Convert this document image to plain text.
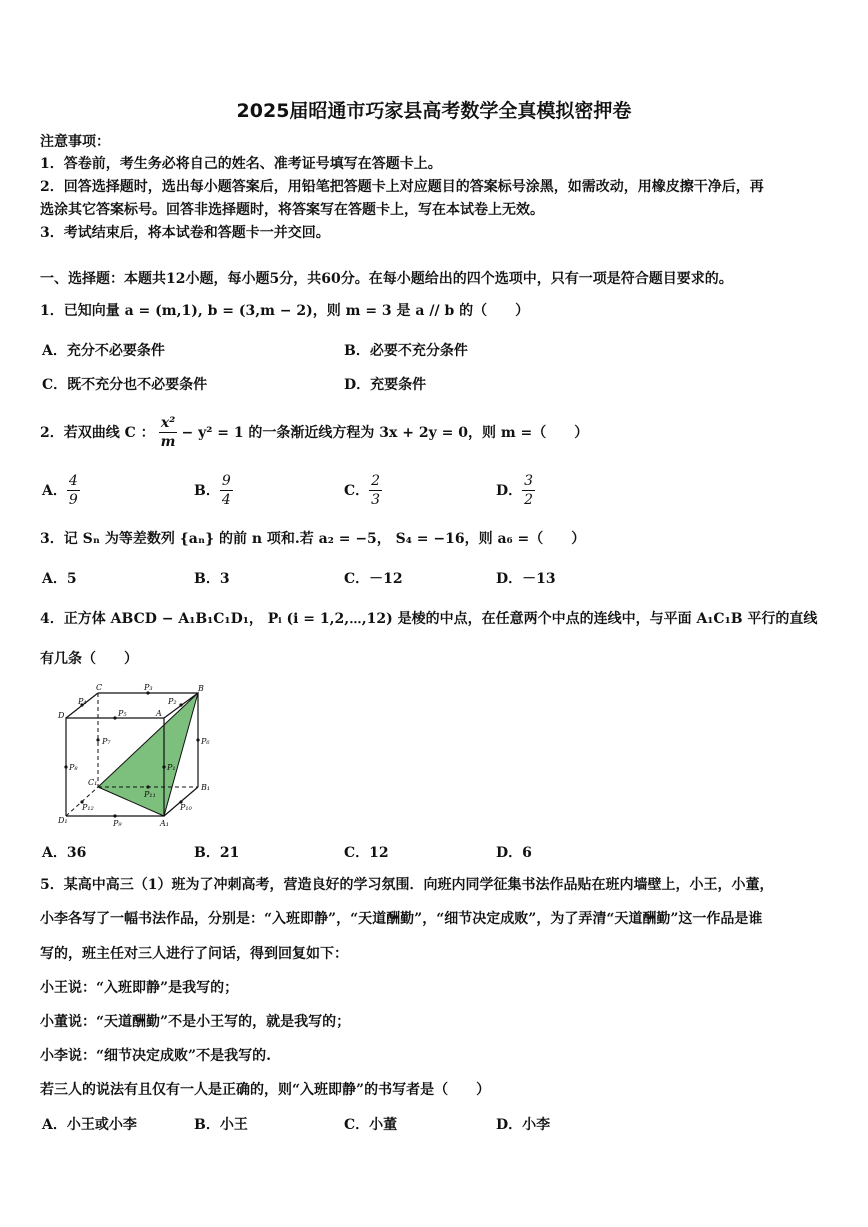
2025届昭通市巧家县高考数学全真模拟密押卷
注意事项：
1．答卷前，考生务必将自己的姓名、准考证号填写在答题卡上。
2．回答选择题时，选出每小题答案后，用铅笔把答题卡上对应题目的答案标号涂黑，如需改动，用橡皮擦干净后，再
选涂其它答案标号。回答非选择题时，将答案写在答题卡上，写在本试卷上无效。
3．考试结束后，将本试卷和答题卡一并交回。
一、选择题：本题共12小题，每小题5分，共60分。在每小题给出的四个选项中，只有一项是符合题目要求的。
1．已知向量 a = (m,1), b = (3,m − 2)，则 m = 3 是 a // b 的（　　）
A．充分不必要条件	B．必要不充分条件
C．既不充分也不必要条件	D．充要条件
2．若双曲线 C ： $\frac{\text{x²}}{m} - y^2 = 1$ 的一条渐近线方程为 3x + 2y = 0，则 m =（　　）
A． $\frac{4}{9}$	B． $\frac{9}{4}$	C． $\frac{2}{3}$	D． $\frac{3}{2}$
3．记 Sₙ 为等差数列 {aₙ} 的前 n 项和.若 a₂ = −5， S₄ = −16，则 a₆ =（　　）
A．5	B．3	C．－12	D．－13
4．正方体 ABCD − A₁B₁C₁D₁， Pᵢ (i = 1,2,⋯,12) 是棱的中点，在任意两个中点的连线中，与平面 A₁C₁B 平行的直线
有几条（　　）
C	P₃	B
P₄	P₂
D	P₅	A
P₇	P₆
P₈	P₁
C₁
B₁
P₁₁
P₁₂	P₁₀
D₁	P₉	A₁
A．36	B．21	C．12	D．6
5．某高中高三（1）班为了冲刺高考，营造良好的学习氛围．向班内同学征集书法作品贴在班内墙壁上，小王，小董，
小李各写了一幅书法作品，分别是：“入班即静”，“天道酬勤”，“细节决定成败”，为了弄清“天道酬勤”这一作品是谁
写的，班主任对三人进行了问话，得到回复如下：
小王说：“入班即静”是我写的；
小董说：“天道酬勤”不是小王写的，就是我写的；
小李说：“细节决定成败”不是我写的.
若三人的说法有且仅有一人是正确的，则“入班即静”的书写者是（　　）
A．小王或小李	B．小王	C．小董	D．小李
